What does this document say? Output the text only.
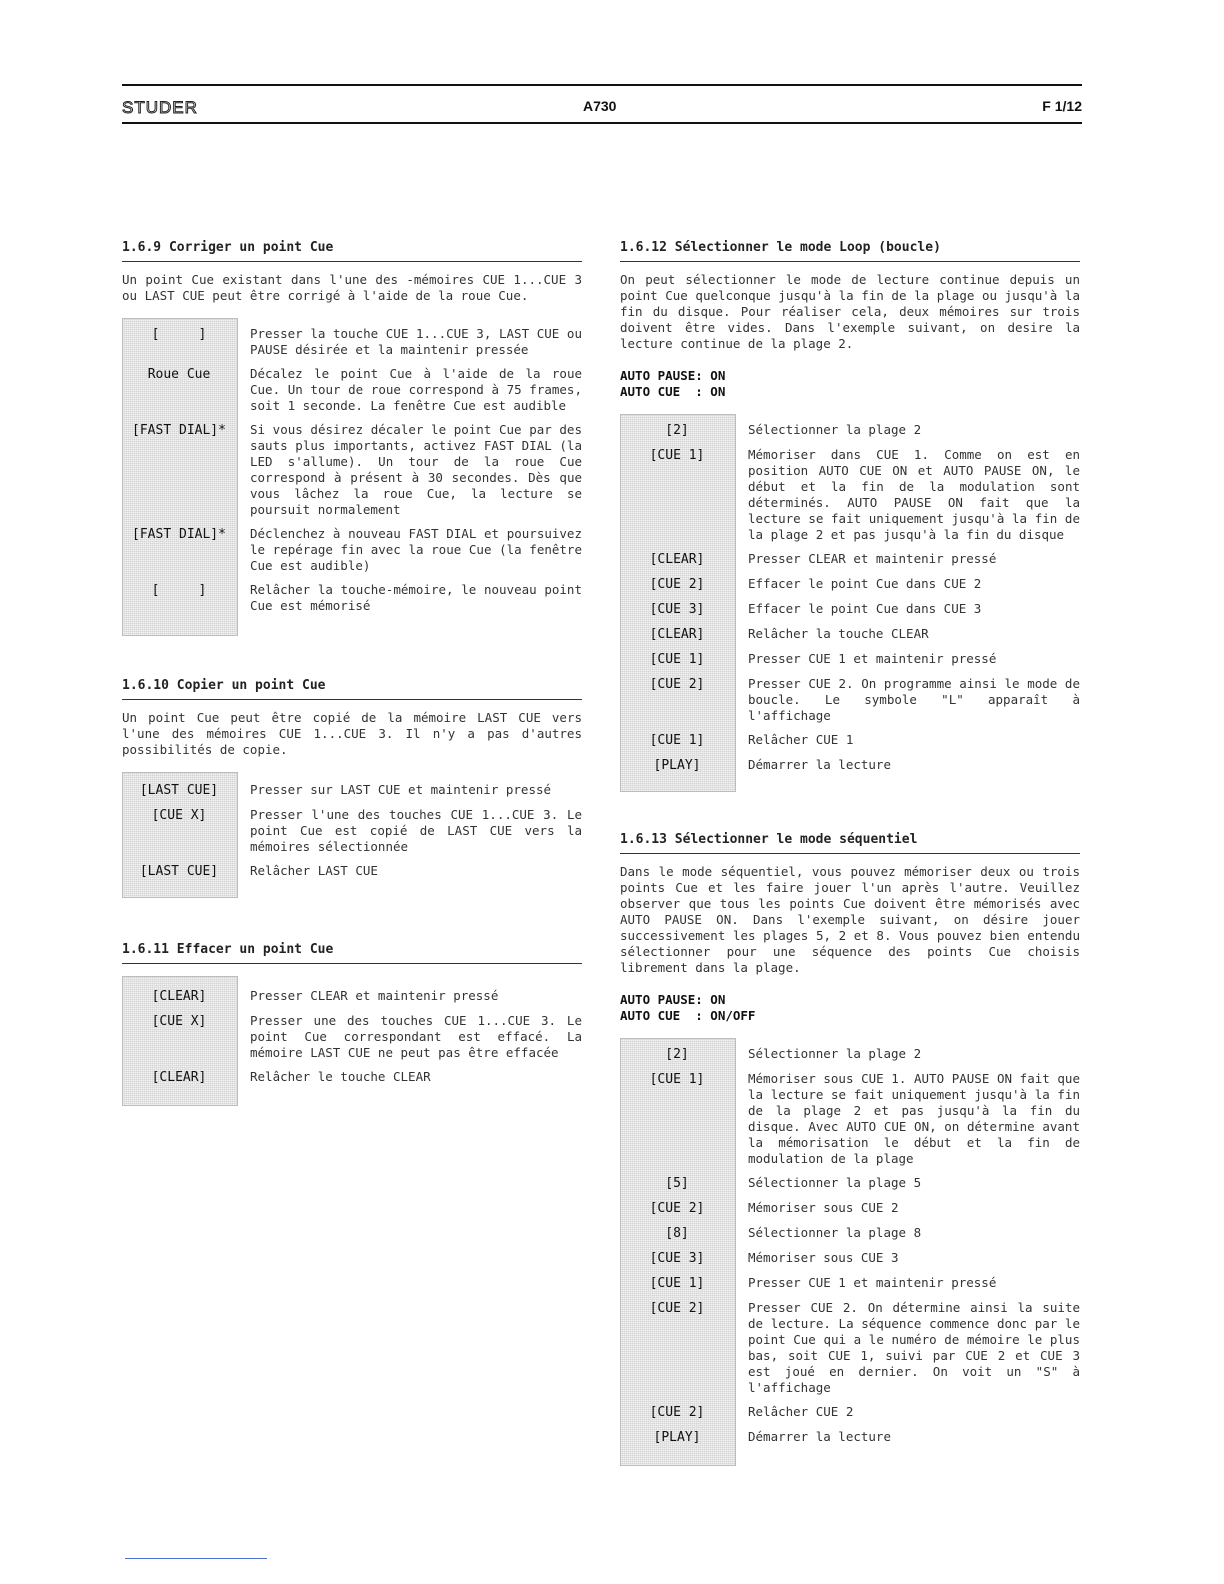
STUDER	A730	F 1/12
1.6.9 Corriger un point Cue

Un point Cue existant dans l'une des -mémoires CUE 1...CUE 3 ou LAST CUE peut être corrigé à l'aide de la roue Cue.

[     ]	Presser la touche CUE 1...CUE 3, LAST CUE ou PAUSE désirée et la maintenir pressée
Roue Cue	Décalez le point Cue à l'aide de la roue Cue. Un tour de roue correspond à 75 frames, soit 1 seconde. La fenêtre Cue est audible
[FAST DIAL]*	Si vous désirez décaler le point Cue par des sauts plus importants, activez FAST DIAL (la LED s'allume). Un tour de la roue Cue correspond à présent à 30 secondes. Dès que vous lâchez la roue Cue, la lecture se poursuit normalement
[FAST DIAL]*	Déclenchez à nouveau FAST DIAL et poursuivez le repérage fin avec la roue Cue (la fenêtre Cue est audible)
[     ]	Relâcher la touche-mémoire, le nouveau point Cue est mémorisé
1.6.10 Copier un point Cue

Un point Cue peut être copié de la mémoire LAST CUE vers l'une des mémoires CUE 1...CUE 3. Il n'y a pas d'autres possibilités de copie.

[LAST CUE]	Presser sur LAST CUE et maintenir pressé
[CUE X]	Presser l'une des touches CUE 1...CUE 3. Le point Cue est copié de LAST CUE vers la mémoires sélectionnée
[LAST CUE]	Relâcher LAST CUE
1.6.11 Effacer un point Cue
[CLEAR]	Presser CLEAR et maintenir pressé
[CUE X]	Presser une des touches CUE 1...CUE 3. Le point Cue correspondant est effacé. La mémoire LAST CUE ne peut pas être effacée
[CLEAR]	Relâcher le touche CLEAR
1.6.12 Sélectionner le mode Loop (boucle)

On peut sélectionner le mode de lecture continue depuis un point Cue quelconque jusqu'à la fin de la plage ou jusqu'à la fin du disque. Pour réaliser cela, deux mémoires sur trois doivent être vides. Dans l'exemple suivant, on desire la lecture continue de la plage 2.

AUTO PAUSE: ON
AUTO CUE  : ON
[2]	Sélectionner la plage 2
[CUE 1]	Mémoriser dans CUE 1. Comme on est en position AUTO CUE ON et AUTO PAUSE ON, le début et la fin de la modulation sont déterminés. AUTO PAUSE ON fait que la lecture se fait uniquement jusqu'à la fin de la plage 2 et pas jusqu'à la fin du disque
[CLEAR]	Presser CLEAR et maintenir pressé
[CUE 2]	Effacer le point Cue dans CUE 2
[CUE 3]	Effacer le point Cue dans CUE 3
[CLEAR]	Relâcher la touche CLEAR
[CUE 1]	Presser CUE 1 et maintenir pressé
[CUE 2]	Presser CUE 2. On programme ainsi le mode de boucle. Le symbole "L" apparaît à l'affichage
[CUE 1]	Relâcher CUE 1
[PLAY]	Démarrer la lecture
1.6.13 Sélectionner le mode séquentiel

Dans le mode séquentiel, vous pouvez mémoriser deux ou trois points Cue et les faire jouer l'un après l'autre. Veuillez observer que tous les points Cue doivent être mémorisés avec AUTO PAUSE ON. Dans l'exemple suivant, on désire jouer successivement les plages 5, 2 et 8. Vous pouvez bien entendu sélectionner pour une séquence des points Cue choisis librement dans la plage.

AUTO PAUSE: ON
AUTO CUE  : ON/OFF
[2]	Sélectionner la plage 2
[CUE 1]	Mémoriser sous CUE 1. AUTO PAUSE ON fait que la lecture se fait uniquement jusqu'à la fin de la plage 2 et pas jusqu'à la fin du disque. Avec AUTO CUE ON, on détermine avant la mémorisation le début et la fin de modulation de la plage
[5]	Sélectionner la plage 5
[CUE 2]	Mémoriser sous CUE 2
[8]	Sélectionner la plage 8
[CUE 3]	Mémoriser sous CUE 3
[CUE 1]	Presser CUE 1 et maintenir pressé
[CUE 2]	Presser CUE 2. On détermine ainsi la suite de lecture. La séquence commence donc par le point Cue qui a le numéro de mémoire le plus bas, soit CUE 1, suivi par CUE 2 et CUE 3 est joué en dernier. On voit un "S" à l'affichage
[CUE 2]	Relâcher CUE 2
[PLAY]	Démarrer la lecture
